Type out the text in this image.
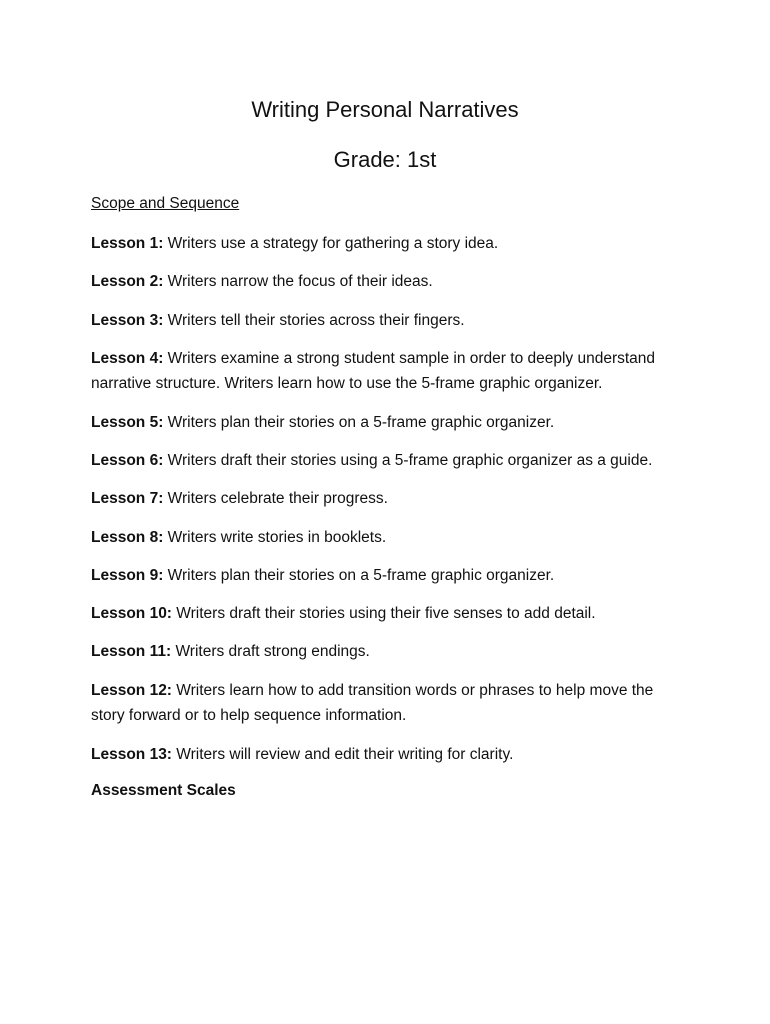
Writing Personal Narratives
Grade: 1st
Scope and Sequence
Lesson 1: Writers use a strategy for gathering a story idea.
Lesson 2: Writers narrow the focus of their ideas.
Lesson 3: Writers tell their stories across their fingers.
Lesson 4: Writers examine a strong student sample in order to deeply understand narrative structure. Writers learn how to use the 5-frame graphic organizer.
Lesson 5: Writers plan their stories on a 5-frame graphic organizer.
Lesson 6: Writers draft their stories using a 5-frame graphic organizer as a guide.
Lesson 7: Writers celebrate their progress.
Lesson 8: Writers write stories in booklets.
Lesson 9: Writers plan their stories on a 5-frame graphic organizer.
Lesson 10: Writers draft their stories using their five senses to add detail.
Lesson 11: Writers draft strong endings.
Lesson 12: Writers learn how to add transition words or phrases to help move the story forward or to help sequence information.
Lesson 13: Writers will review and edit their writing for clarity.
Assessment Scales
